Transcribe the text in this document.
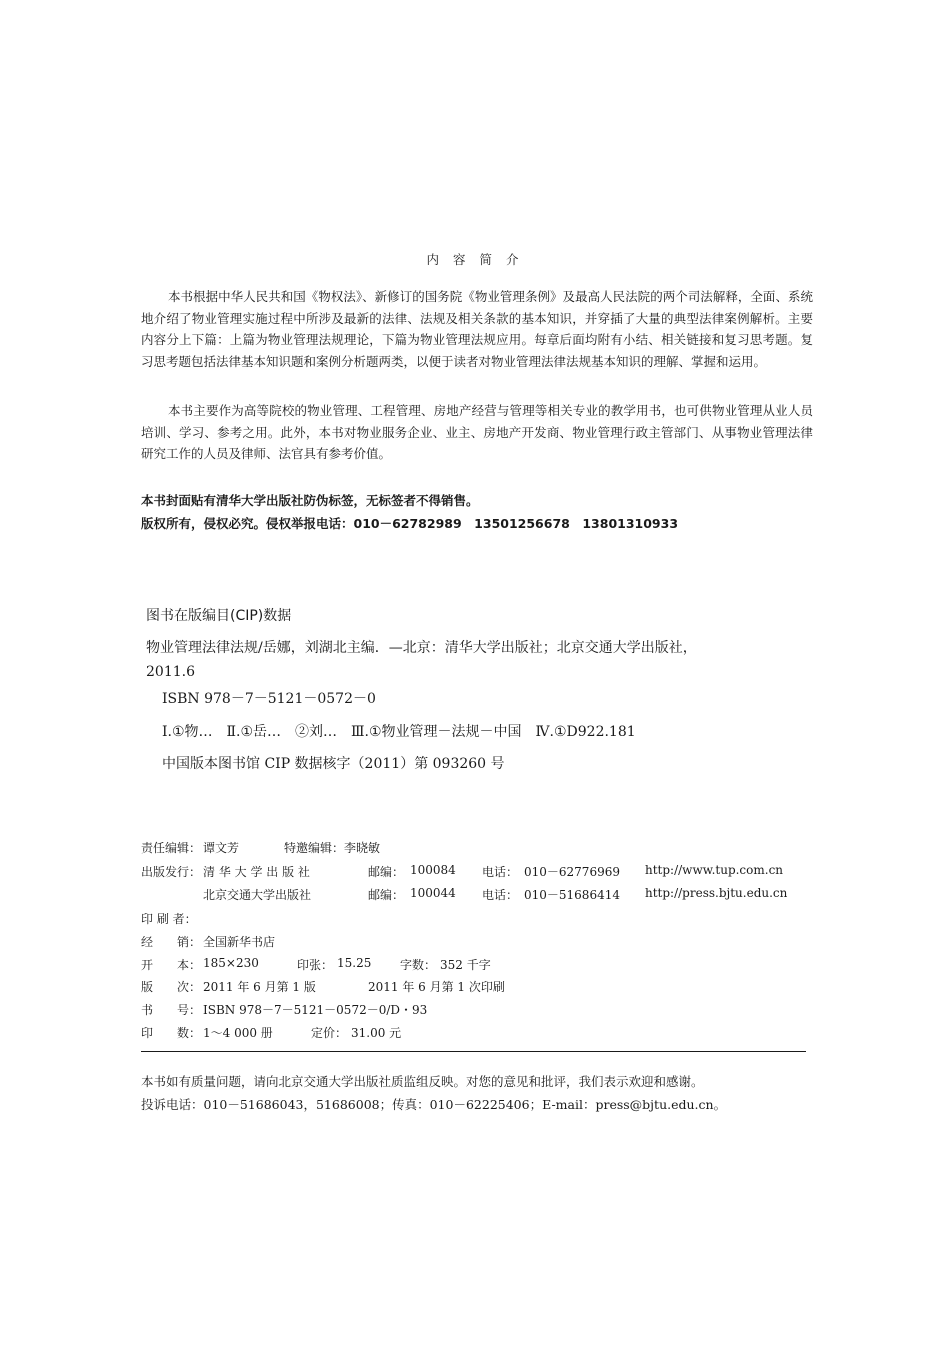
内 容 简 介
本书根据中华人民共和国《物权法》、新修订的国务院《物业管理条例》及最高人民法院的两个司法解释，全面、系统地介绍了物业管理实施过程中所涉及最新的法律、法规及相关条款的基本知识，并穿插了大量的典型法律案例解析。主要内容分上下篇：上篇为物业管理法规理论，下篇为物业管理法规应用。每章后面均附有小结、相关链接和复习思考题。复习思考题包括法律基本知识题和案例分析题两类，以便于读者对物业管理法律法规基本知识的理解、掌握和运用。
本书主要作为高等院校的物业管理、工程管理、房地产经营与管理等相关专业的教学用书，也可供物业管理从业人员培训、学习、参考之用。此外，本书对物业服务企业、业主、房地产开发商、物业管理行政主管部门、从事物业管理法律研究工作的人员及律师、法官具有参考价值。
本书封面贴有清华大学出版社防伪标签，无标签者不得销售。
版权所有，侵权必究。侵权举报电话：010－62782989　13501256678　13801310933
图书在版编目(CIP)数据
物业管理法律法规/岳娜，刘湖北主编．—北京：清华大学出版社；北京交通大学出版社，
2011.6
ISBN 978－7－5121－0572－0
Ⅰ.①物…　Ⅱ.①岳…　②刘…　Ⅲ.①物业管理－法规－中国　Ⅳ.①D922.181
中国版本图书馆 CIP 数据核字（2011）第 093260 号
责任编辑： 谭文芳	特邀编辑： 李晓敏
出版发行： 清 华 大 学 出 版 社	邮编： 100084 电话： 010－62776969 http://www.tup.com.cn
北京交通大学出版社	邮编： 100044 电话： 010－51686414 http://press.bjtu.edu.cn
印 刷 者：
经　　销： 全国新华书店
开　　本： 185×230	印张： 15.25 字数： 352 千字
版　　次： 2011 年 6 月第 1 版	2011 年 6 月第 1 次印刷
书　　号： ISBN 978－7－5121－0572－0/D・93
印　　数： 1～4 000 册	定价： 31.00 元
本书如有质量问题，请向北京交通大学出版社质监组反映。对您的意见和批评，我们表示欢迎和感谢。
投诉电话：010－51686043，51686008；传真：010－62225406；E-mail：press@bjtu.edu.cn。
